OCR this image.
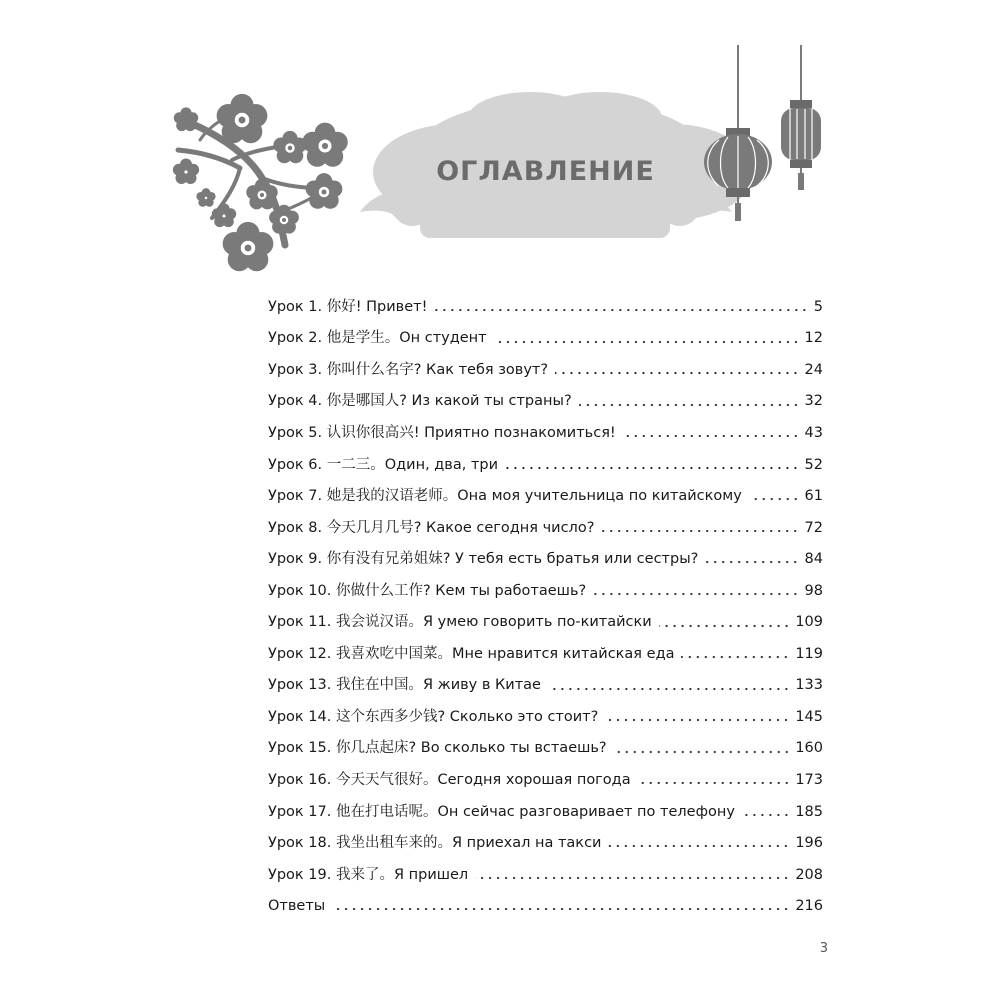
ОГЛАВЛЕНИЕ
Урок 1. 你好! Привет!	5
Урок 2. 他是学生。Он студент	12
Урок 3. 你叫什么名字? Как тебя зовут?	24
Урок 4. 你是哪国人? Из какой ты страны?	32
Урок 5. 认识你很高兴! Приятно познакомиться!	43
Урок 6. 一二三。Один, два, три	52
Урок 7. 她是我的汉语老师。Она моя учительница по китайскому	61
Урок 8. 今天几月几号? Какое сегодня число?	72
Урок 9. 你有没有兄弟姐妹? У тебя есть братья или сестры?	84
Урок 10. 你做什么工作? Кем ты работаешь?	98
Урок 11. 我会说汉语。Я умею говорить по-китайски	109
Урок 12. 我喜欢吃中国菜。Мне нравится китайская еда	119
Урок 13. 我住在中国。Я живу в Китае	133
Урок 14. 这个东西多少钱? Сколько это стоит?	145
Урок 15. 你几点起床? Во сколько ты встаешь?	160
Урок 16. 今天天气很好。Сегодня хорошая погода	173
Урок 17. 他在打电话呢。Он сейчас разговаривает по телефону	185
Урок 18. 我坐出租车来的。Я приехал на такси	196
Урок 19. 我来了。Я пришел	208
Ответы	216
3
